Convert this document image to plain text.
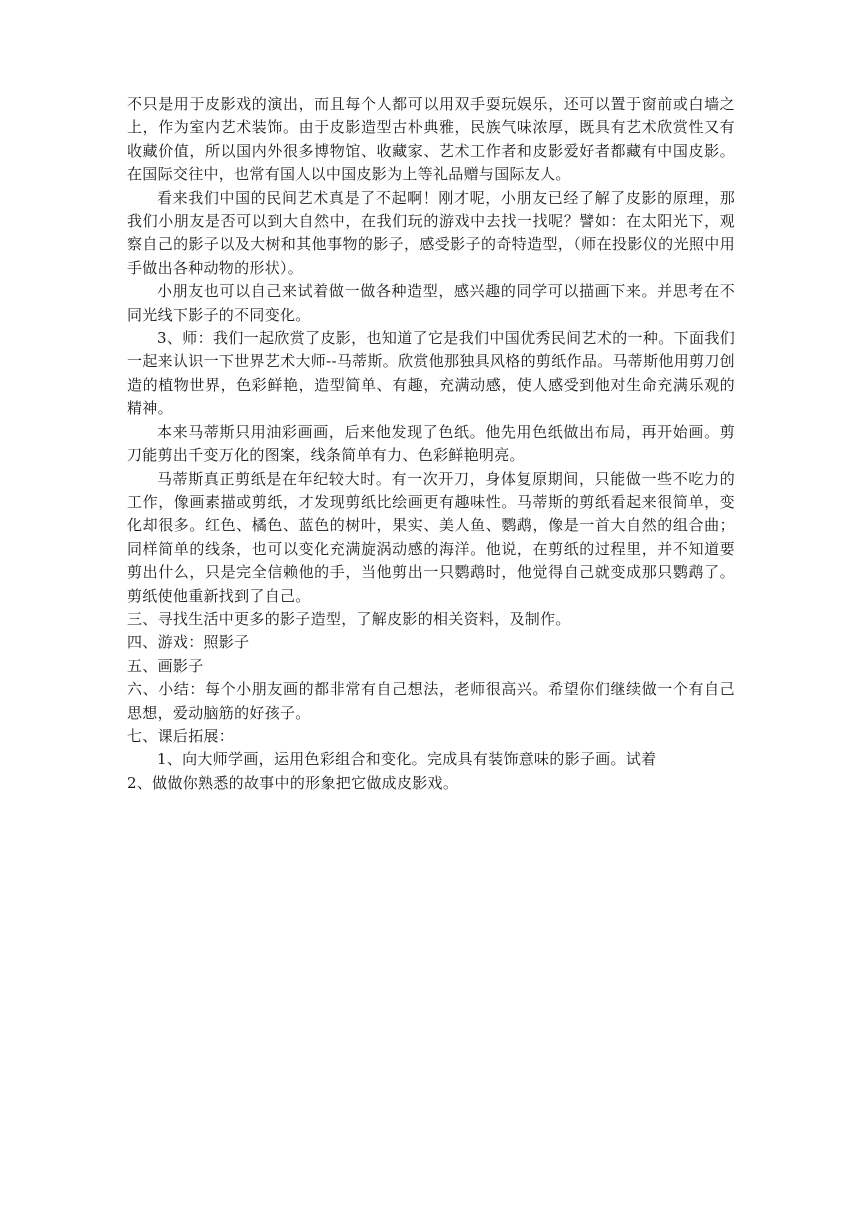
不只是用于皮影戏的演出，而且每个人都可以用双手耍玩娱乐，还可以置于窗前或白墙之上，作为室内艺术装饰。由于皮影造型古朴典雅，民族气味浓厚，既具有艺术欣赏性又有收藏价值，所以国内外很多博物馆、收藏家、艺术工作者和皮影爱好者都藏有中国皮影。在国际交往中，也常有国人以中国皮影为上等礼品赠与国际友人。

看来我们中国的民间艺术真是了不起啊！刚才呢，小朋友已经了解了皮影的原理，那我们小朋友是否可以到大自然中，在我们玩的游戏中去找一找呢？譬如：在太阳光下，观察自己的影子以及大树和其他事物的影子，感受影子的奇特造型，（师在投影仪的光照中用手做出各种动物的形状）。

小朋友也可以自己来试着做一做各种造型，感兴趣的同学可以描画下来。并思考在不同光线下影子的不同变化。

3、师：我们一起欣赏了皮影，也知道了它是我们中国优秀民间艺术的一种。下面我们一起来认识一下世界艺术大师--马蒂斯。欣赏他那独具风格的剪纸作品。马蒂斯他用剪刀创造的植物世界，色彩鲜艳，造型简单、有趣，充满动感，使人感受到他对生命充满乐观的精神。

本来马蒂斯只用油彩画画，后来他发现了色纸。他先用色纸做出布局，再开始画。剪刀能剪出千变万化的图案，线条简单有力、色彩鲜艳明亮。

马蒂斯真正剪纸是在年纪较大时。有一次开刀，身体复原期间，只能做一些不吃力的工作，像画素描或剪纸，才发现剪纸比绘画更有趣味性。马蒂斯的剪纸看起来很简单，变化却很多。红色、橘色、蓝色的树叶，果实、美人鱼、鹦鹉，像是一首大自然的组合曲；同样简单的线条，也可以变化充满旋涡动感的海洋。他说，在剪纸的过程里，并不知道要剪出什么，只是完全信赖他的手，当他剪出一只鹦鹉时，他觉得自己就变成那只鹦鹉了。剪纸使他重新找到了自己。

三、寻找生活中更多的影子造型，了解皮影的相关资料，及制作。

四、游戏：照影子

五、画影子

六、小结：每个小朋友画的都非常有自己想法，老师很高兴。希望你们继续做一个有自己思想，爱动脑筋的好孩子。

七、课后拓展：

1、向大师学画，运用色彩组合和变化。完成具有装饰意味的影子画。试着

2、做做你熟悉的故事中的形象把它做成皮影戏。
